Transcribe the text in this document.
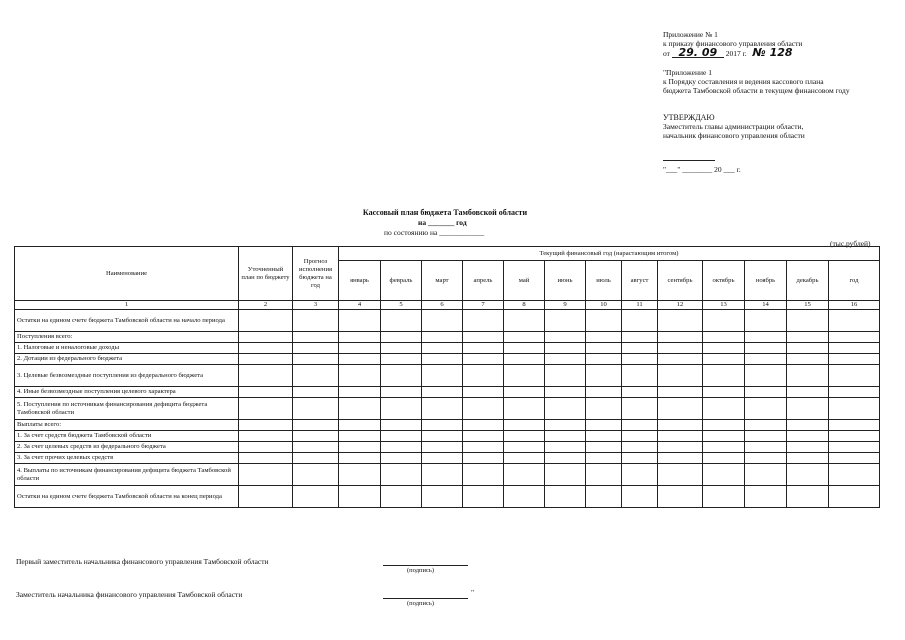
Приложение № 1
к приказу финансового управления области
от 29. 09 2017 г. № 128
"Приложение 1
к Порядку составления и ведения кассового плана
бюджета Тамбовской области в текущем финансовом году
УТВЕРЖДАЮ
Заместитель главы администрации области,
начальник финансового управления области
"___" ________ 20 ___ г.
Кассовый план бюджета Тамбовской области
на _______ год
по состоянию на ____________
(тыс.рублей)
Наименование	Уточненный план по бюджету	Прогноз исполнения бюджета на год	Текущий финансовый год (нарастающим итогом)												
			январь	февраль	март	апрель	май	июнь	июль	август	сентябрь	октябрь	ноябрь	декабрь	год
1	2	3	4	5	6	7	8	9	10	11	12	13	14	15	16
Остатки на едином счете бюджета Тамбовской области на начало периода															
Поступления всего:															
1. Налоговые и неналоговые доходы															
2. Дотации из федерального бюджета															
3. Целевые безвозмездные поступления из федерального бюджета															
4. Иные безвозмездные поступления целевого характера															
5. Поступления по источникам финансирования дефицита бюджета Тамбовской области															
Выплаты всего:															
1. За счет средств бюджета Тамбовской области															
2. За счет целевых средств из федерального бюджета															
3. За счет прочих целевых средств															
4. Выплаты по источникам финансирования дефицита бюджета Тамбовской области															
Остатки на едином счете бюджета Тамбовской области на конец периода															
Первый заместитель начальника финансового управления Тамбовской области
(подпись)
Заместитель начальника финансового управления Тамбовской области	"
(подпись)
